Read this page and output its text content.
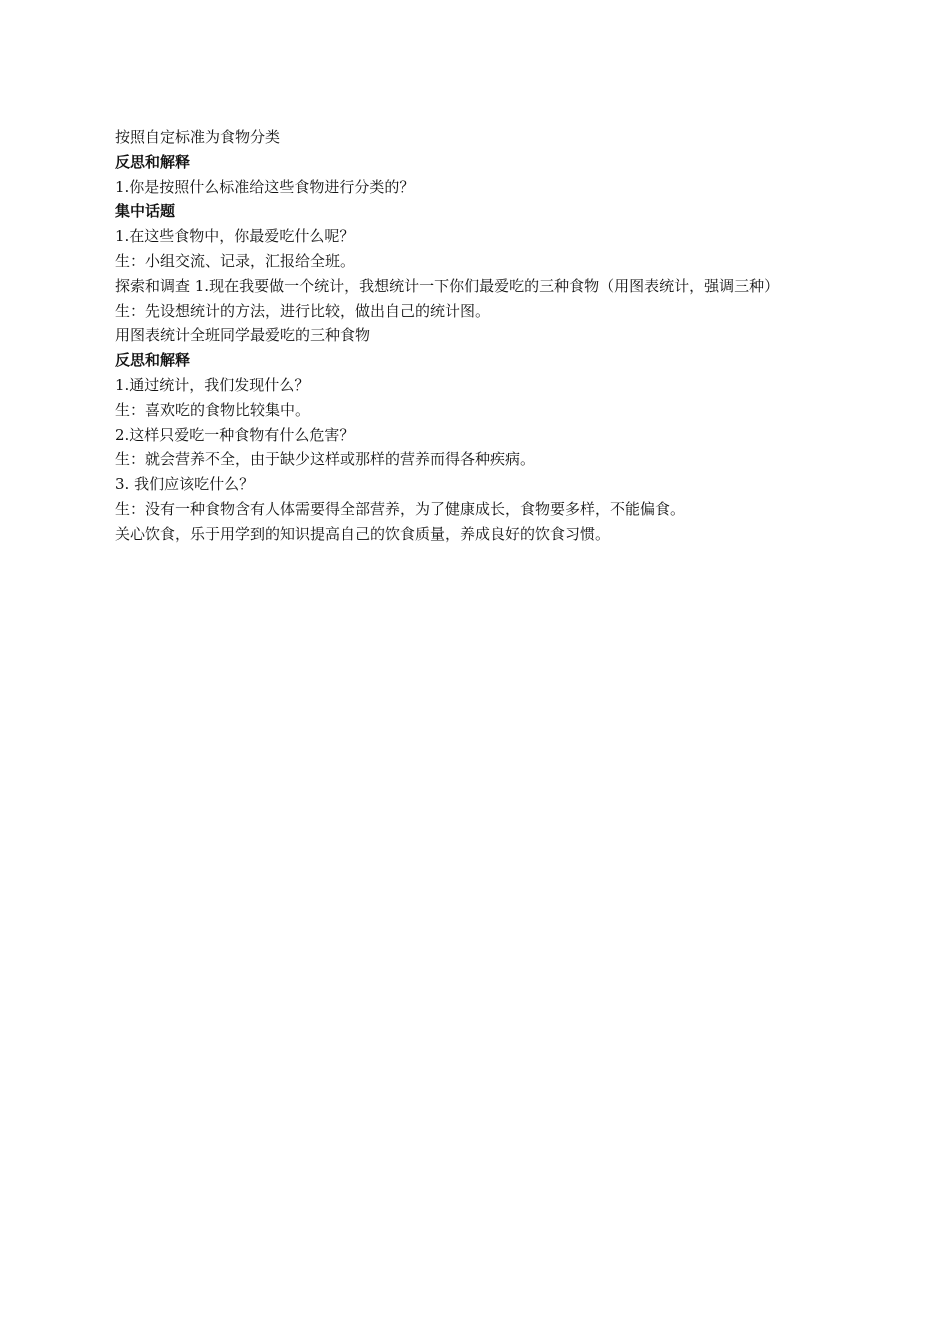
按照自定标准为食物分类
反思和解释
1.你是按照什么标准给这些食物进行分类的？
集中话题
1.在这些食物中，你最爱吃什么呢？
生：小组交流、记录，汇报给全班。
探索和调查 1.现在我要做一个统计，我想统计一下你们最爱吃的三种食物（用图表统计，强调三种）
生：先设想统计的方法，进行比较，做出自己的统计图。
用图表统计全班同学最爱吃的三种食物
反思和解释
1.通过统计，我们发现什么？
生：喜欢吃的食物比较集中。
2.这样只爱吃一种食物有什么危害？
生：就会营养不全，由于缺少这样或那样的营养而得各种疾病。
3. 我们应该吃什么？
生：没有一种食物含有人体需要得全部营养，为了健康成长，食物要多样，不能偏食。
关心饮食，乐于用学到的知识提高自己的饮食质量，养成良好的饮食习惯。
